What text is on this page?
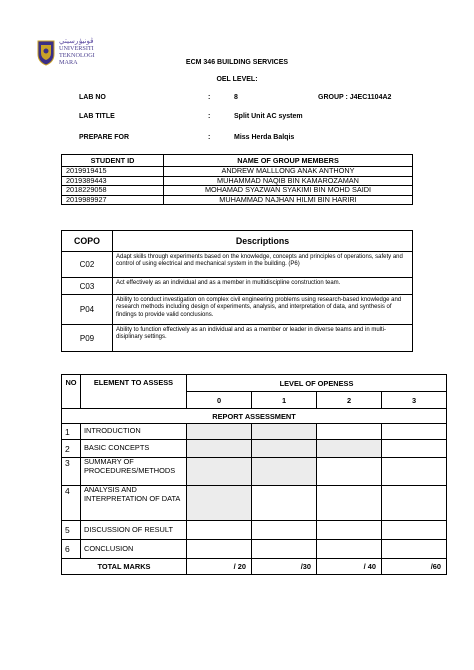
ڤونيۏرسيتي
UNIVERSITI
TEKNOLOGI
MARA	ECM 346 BUILDING SERVICES
OEL LEVEL:
LAB NO	:	8	GROUP : J4EC1104A2
LAB TITLE	:	Split Unit AC system
PREPARE FOR	:	Miss Herda Balqis
STUDENT ID	NAME OF GROUP MEMBERS
2019919415	ANDREW MALLLONG ANAK ANTHONY
2019389443	MUHAMMAD NAQIB BIN KAMAROZAMAN
2018229058	MOHAMAD SYAZWAN SYAKIMI BIN MOHD SAIDI
2019989927	MUHAMMAD NAJHAN HILMI BIN HARIRI
COPO	Descriptions
C02	Adapt skills through experiments based on the knowledge, concepts and principles of operations, safety and control of using electrical and mechanical system in the building. (P6)
C03	Act effectively as an individual and as a member in multidiscipline construction team.
P04	Ability to conduct investigation on complex civil engineering problems using research-based knowledge and research methods including design of experiments, analysis, and interpretation of data, and synthesis of findings to provide valid conclusions.
P09	Ability to function effectively as an individual and as a member or leader in diverse teams and in multi-disiplinary settings.
NO	ELEMENT TO ASSESS	LEVEL OF OPENESS			
		0	1	2	3
REPORT ASSESSMENT					
1	INTRODUCTION				
2	BASIC CONCEPTS				
3	SUMMARY OF PROCEDURES/METHODS				
4	ANALYSIS AND INTERPRETATION OF DATA				
5	DISCUSSION OF RESULT				
6	CONCLUSION				
TOTAL MARKS		/ 20	/30	/ 40	/60
